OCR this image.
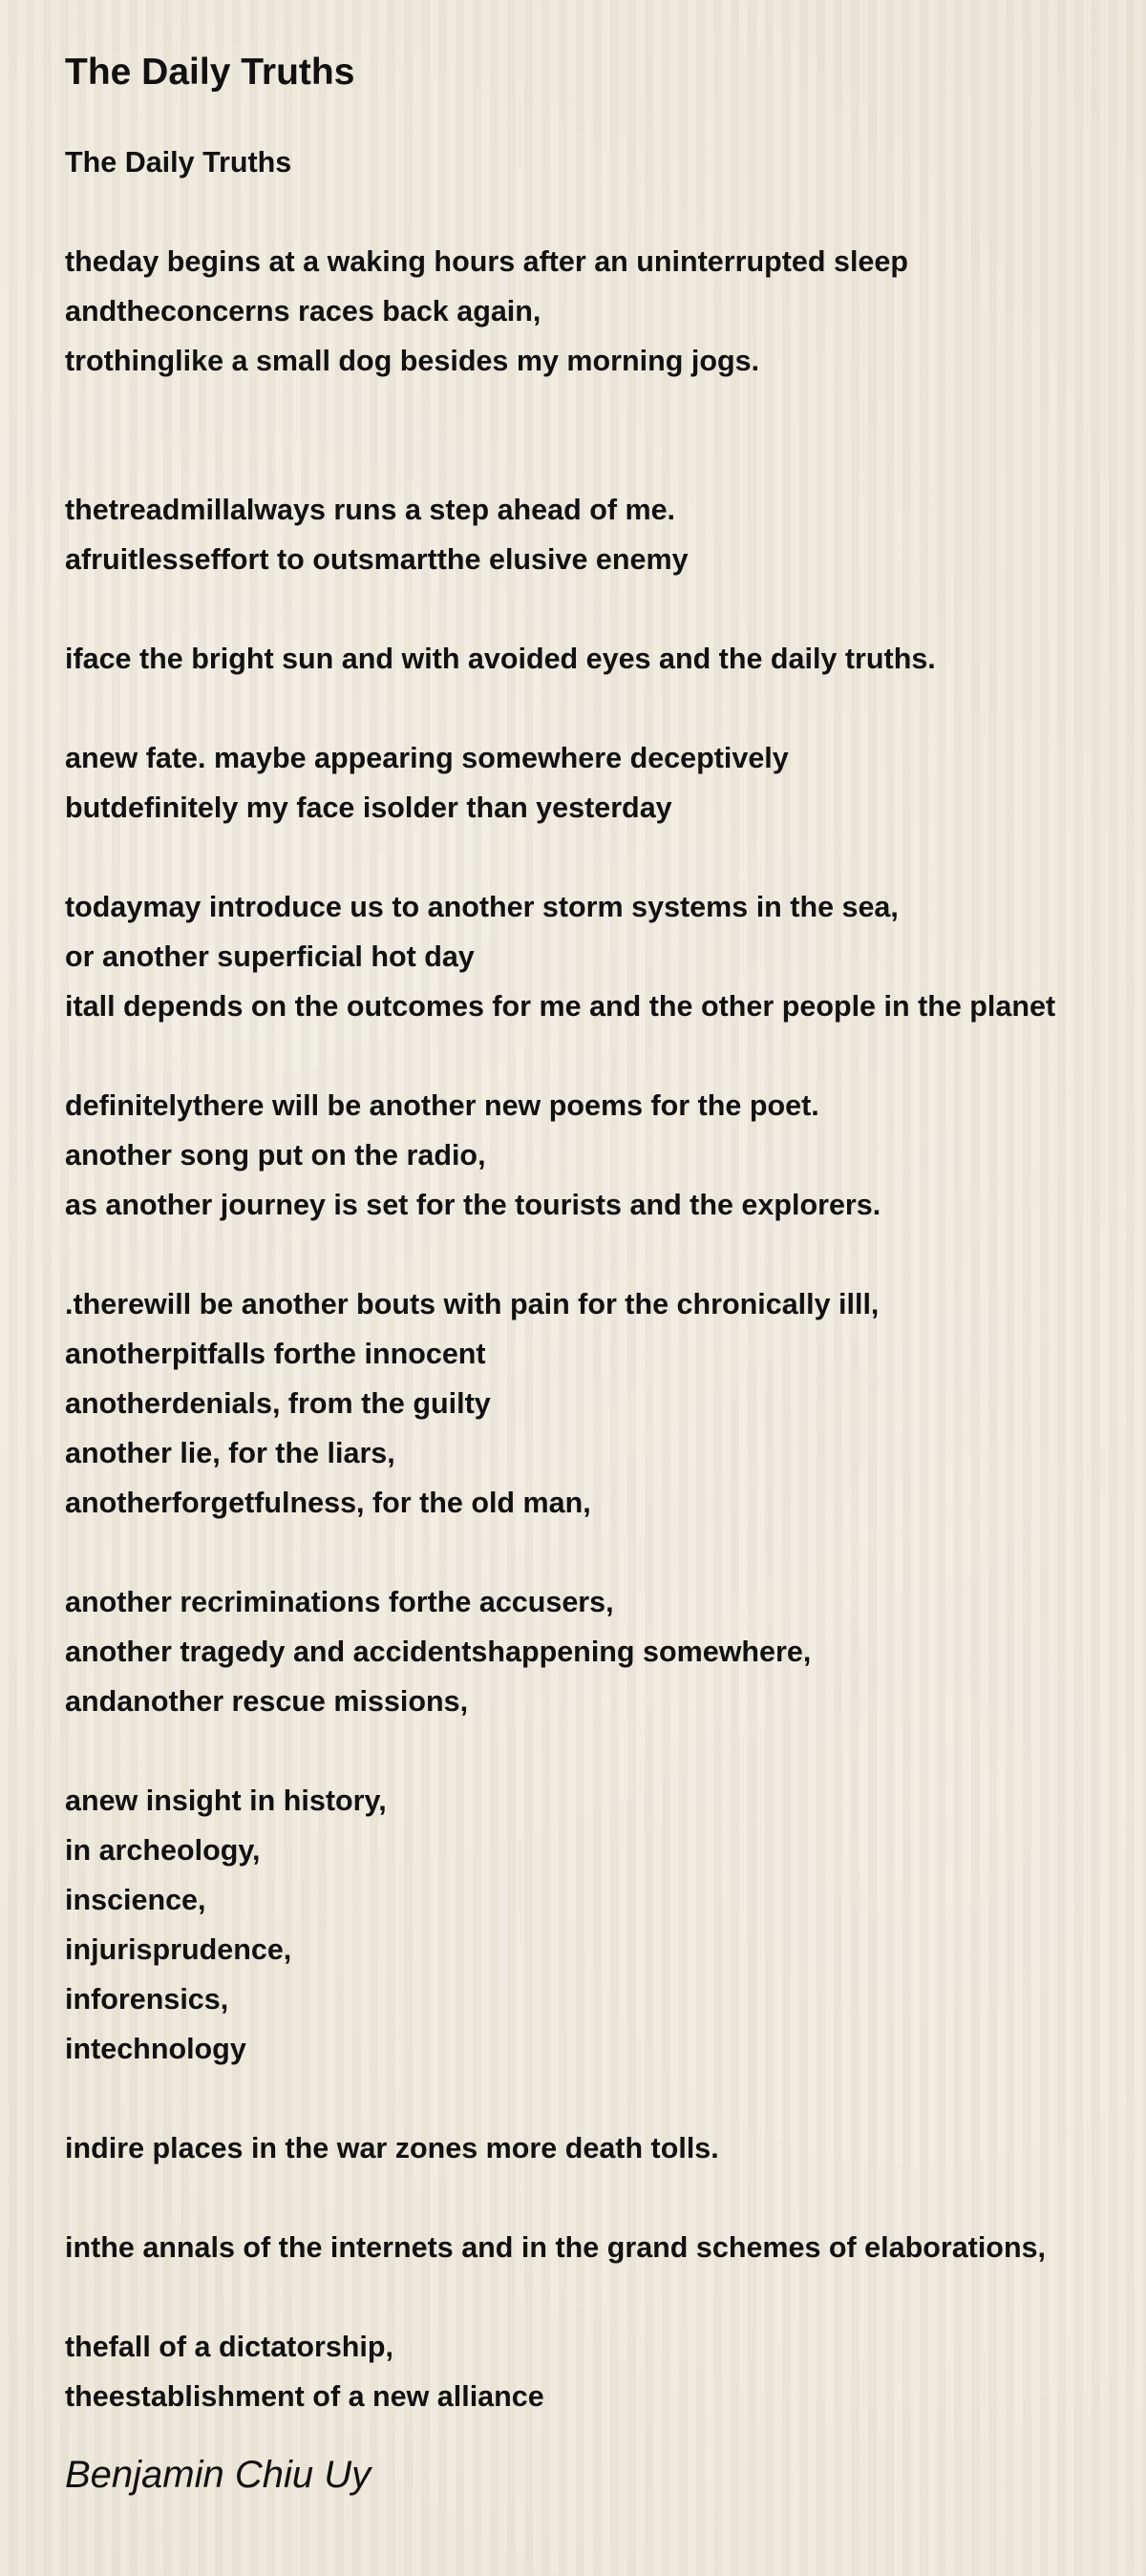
The Daily Truths
The Daily Truths
theday begins at a waking hours after an uninterrupted sleep
andtheconcerns races back again,
trothinglike a small dog besides my morning jogs.
thetreadmillalways runs a step ahead of me.
afruitlesseffort to outsmartthe elusive enemy
iface the bright sun and with avoided eyes and the daily truths.
anew fate. maybe appearing somewhere deceptively
butdefinitely my face isolder than yesterday
todaymay introduce us to another storm systems in the sea,
or another superficial hot day
itall depends on the outcomes for me and the other people in the planet
definitelythere will be another new poems for the poet.
another song put on the radio,
as another journey is set for the tourists and the explorers.
.therewill be another bouts with pain for the chronically illl,
anotherpitfalls forthe innocent
anotherdenials, from the guilty
another lie, for the liars,
anotherforgetfulness, for the old man,
another recriminations forthe accusers,
another tragedy and accidentshappening somewhere,
andanother rescue missions,
anew insight in history,
in archeology,
inscience,
injurisprudence,
inforensics,
intechnology
indire places in the war zones more death tolls.
inthe annals of the internets and in the grand schemes of elaborations,
thefall of a dictatorship,
theestablishment of a new alliance
Benjamin Chiu Uy
